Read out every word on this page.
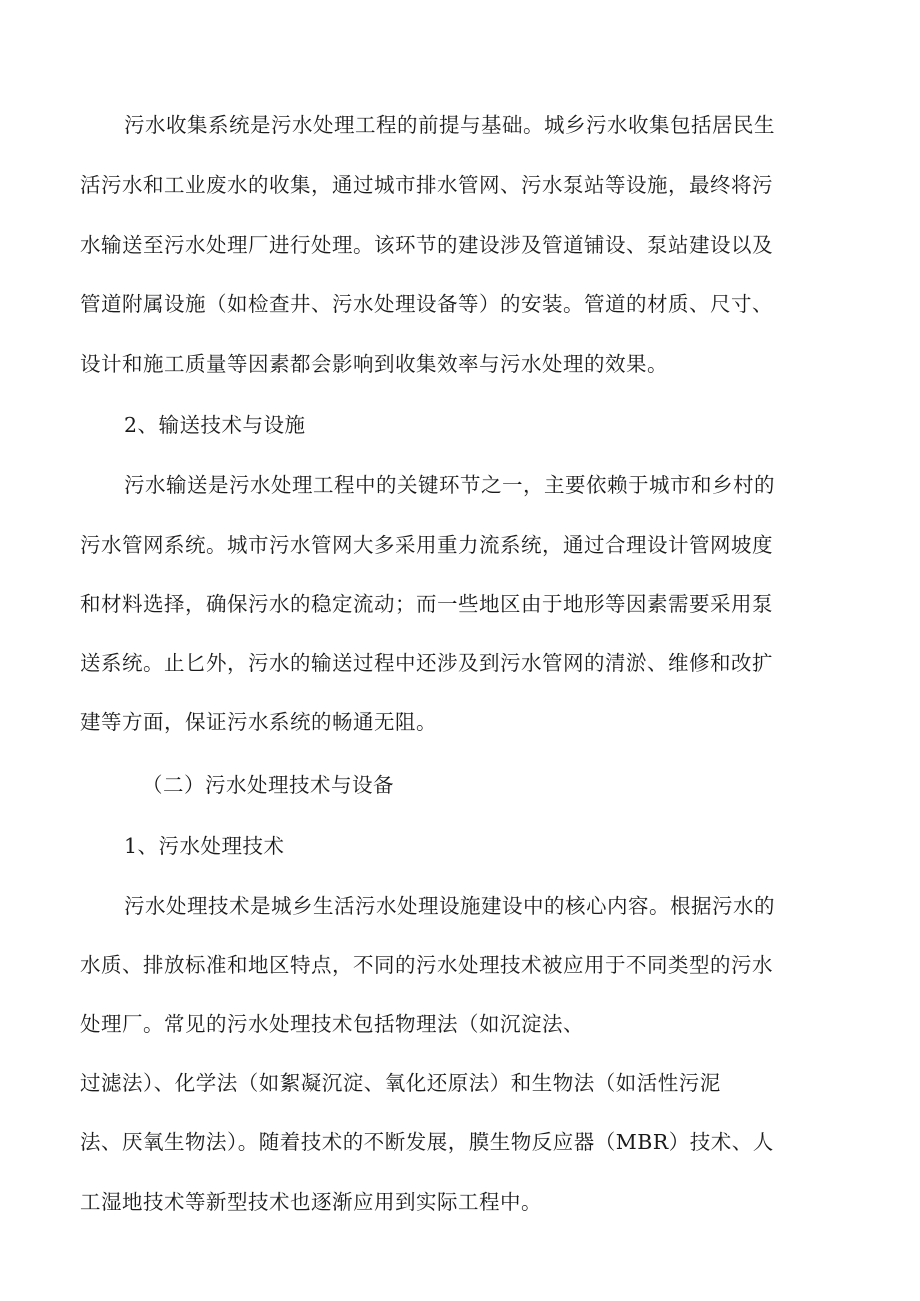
污水收集系统是污水处理工程的前提与基础。城乡污水收集包括居民生
活污水和工业废水的收集，通过城市排水管网、污水泵站等设施，最终将污
水输送至污水处理厂进行处理。该环节的建设涉及管道铺设、泵站建设以及
管道附属设施（如检查井、污水处理设备等）的安装。管道的材质、尺寸、
设计和施工质量等因素都会影响到收集效率与污水处理的效果。
2、输送技术与设施
污水输送是污水处理工程中的关键环节之一，主要依赖于城市和乡村的
污水管网系统。城市污水管网大多采用重力流系统，通过合理设计管网坡度
和材料选择，确保污水的稳定流动；而一些地区由于地形等因素需要采用泵
送系统。止匕外，污水的输送过程中还涉及到污水管网的清淤、维修和改扩
建等方面，保证污水系统的畅通无阻。
（二）污水处理技术与设备
1、污水处理技术
污水处理技术是城乡生活污水处理设施建设中的核心内容。根据污水的
水质、排放标准和地区特点，不同的污水处理技术被应用于不同类型的污水
处理厂。常见的污水处理技术包括物理法（如沉淀法、
过滤法）、化学法（如絮凝沉淀、氧化还原法）和生物法（如活性污泥
法、厌氧生物法）。随着技术的不断发展，膜生物反应器（MBR）技术、人
工湿地技术等新型技术也逐渐应用到实际工程中。
